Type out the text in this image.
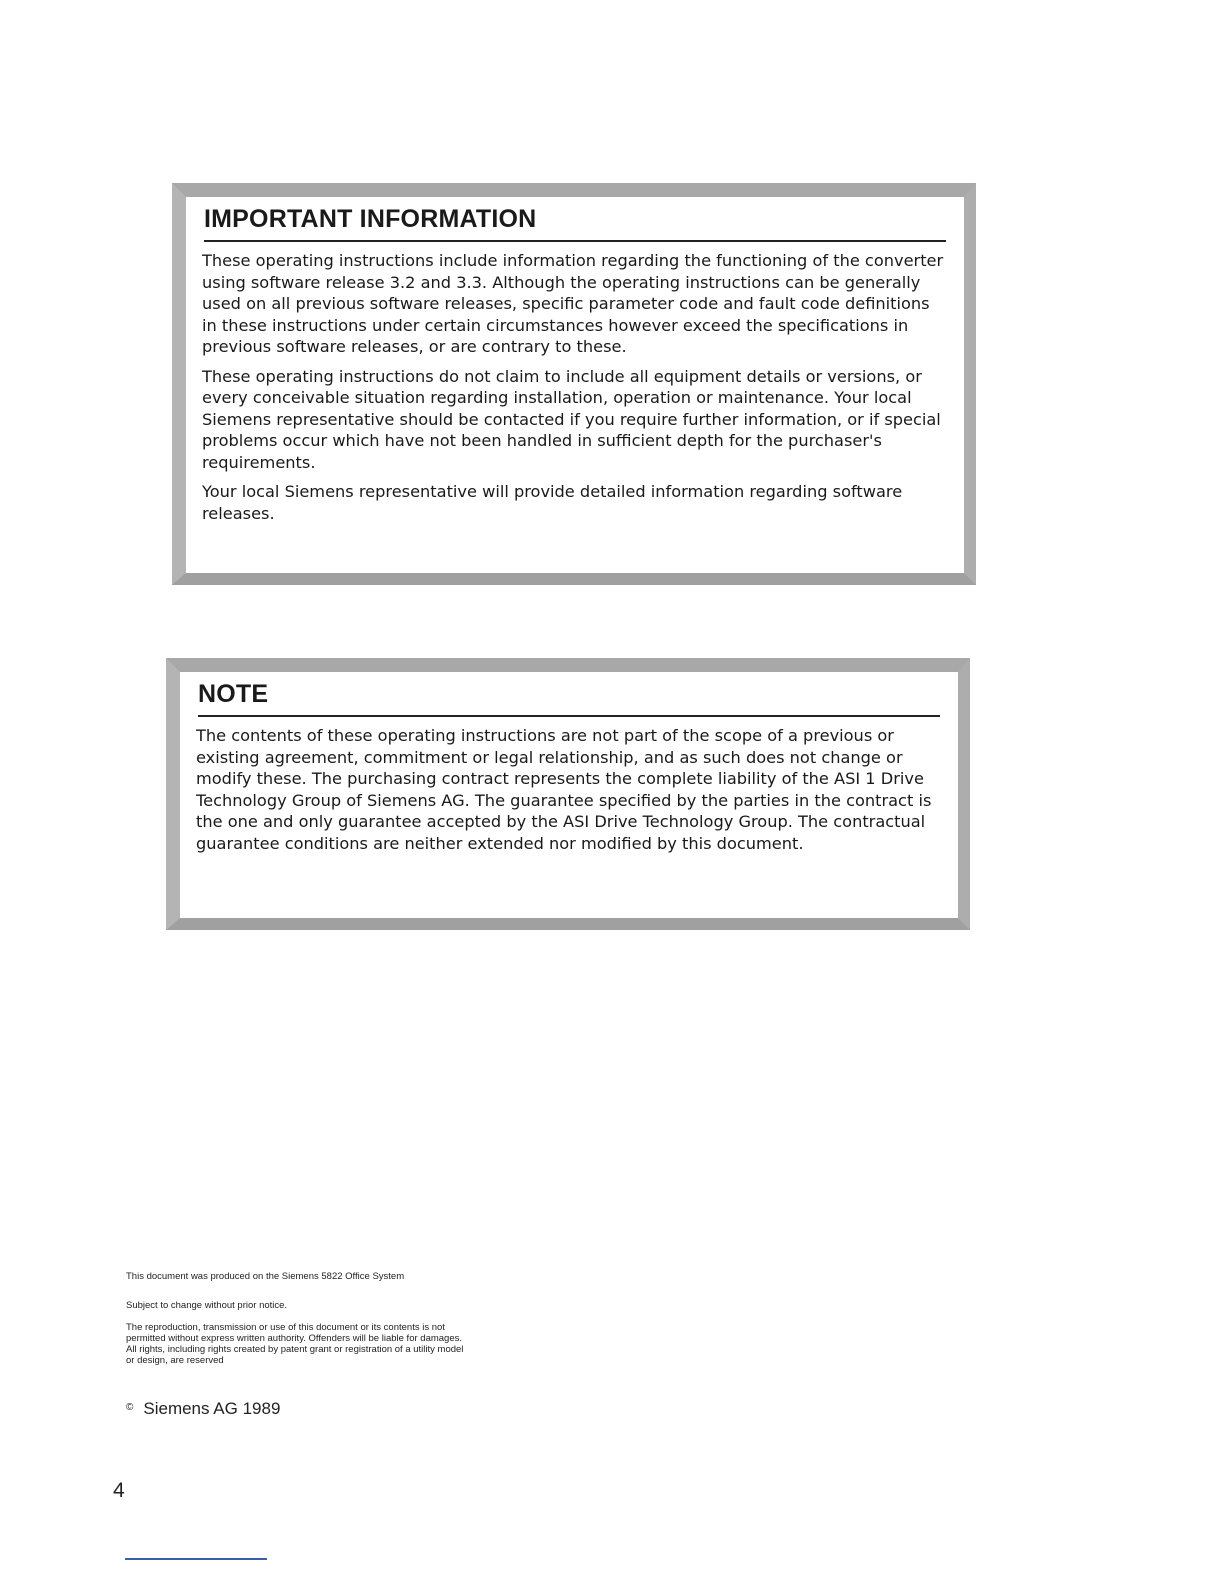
IMPORTANT INFORMATION

These operating instructions include information regarding the functioning of the converter using software release 3.2 and 3.3. Although the operating instructions can be generally used on all previous software releases, specific parameter code and fault code definitions in these instructions under certain circumstances however exceed the specifications in previous software releases, or are contrary to these.

These operating instructions do not claim to include all equipment details or versions, or every conceivable situation regarding installation, operation or maintenance. Your local Siemens representative should be contacted if you require further information, or if special problems occur which have not been handled in sufficient depth for the purchaser's requirements.

Your local Siemens representative will provide detailed information regarding software releases.

NOTE

The contents of these operating instructions are not part of the scope of a previous or existing agreement, commitment or legal relationship, and as such does not change or modify these. The purchasing contract represents the complete liability of the ASI 1 Drive Technology Group of Siemens AG. The guarantee specified by the parties in the contract is the one and only guarantee accepted by the ASI Drive Technology Group. The contractual guarantee conditions are neither extended nor modified by this document.

This document was produced on the Siemens 5822 Office System

Subject to change without prior notice.

The reproduction, transmission or use of this document or its contents is not permitted without express written authority. Offenders will be liable for damages. All rights, including rights created by patent grant or registration of a utility model or design, are reserved

© Siemens AG 1989
4
